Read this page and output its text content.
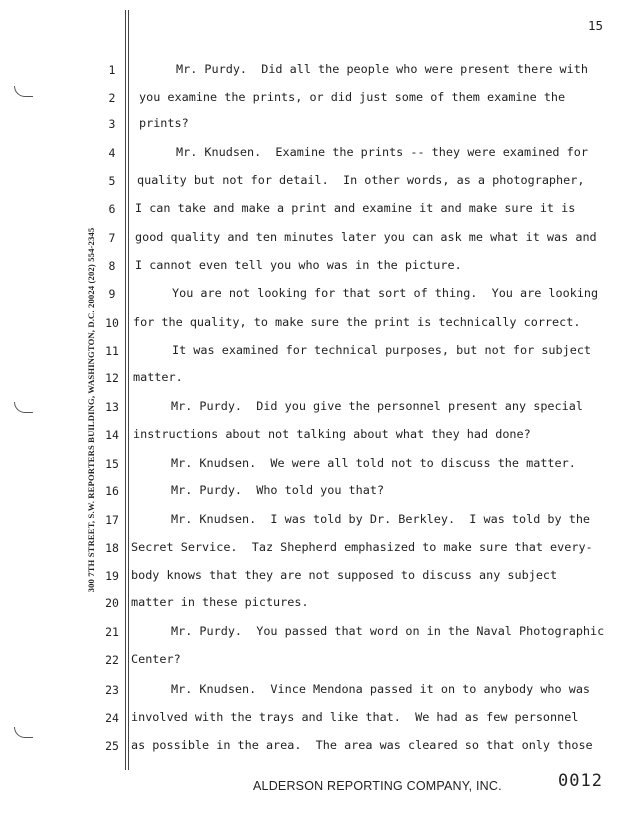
15
300 7TH STREET, S.W. REPORTERS BUILDING, WASHINGTON, D.C. 20024 (202) 554-2345
1
2
3
4
5
6
7
8
9
10
11
12
13
14
15
16
17
18
19
20
21
22
23
24
25
Mr. Purdy.  Did all the people who were present there with
you examine the prints, or did just some of them examine the
prints?
Mr. Knudsen.  Examine the prints -- they were examined for
quality but not for detail.  In other words, as a photographer,
I can take and make a print and examine it and make sure it is
good quality and ten minutes later you can ask me what it was and
I cannot even tell you who was in the picture.
You are not looking for that sort of thing.  You are looking
for the quality, to make sure the print is technically correct.
It was examined for technical purposes, but not for subject
matter.
Mr. Purdy.  Did you give the personnel present any special
instructions about not talking about what they had done?
Mr. Knudsen.  We were all told not to discuss the matter.
Mr. Purdy.  Who told you that?
Mr. Knudsen.  I was told by Dr. Berkley.  I was told by the
Secret Service.  Taz Shepherd emphasized to make sure that every-
body knows that they are not supposed to discuss any subject
matter in these pictures.
Mr. Purdy.  You passed that word on in the Naval Photographic
Center?
Mr. Knudsen.  Vince Mendona passed it on to anybody who was
involved with the trays and like that.  We had as few personnel
as possible in the area.  The area was cleared so that only those
ALDERSON REPORTING COMPANY, INC.	0012
